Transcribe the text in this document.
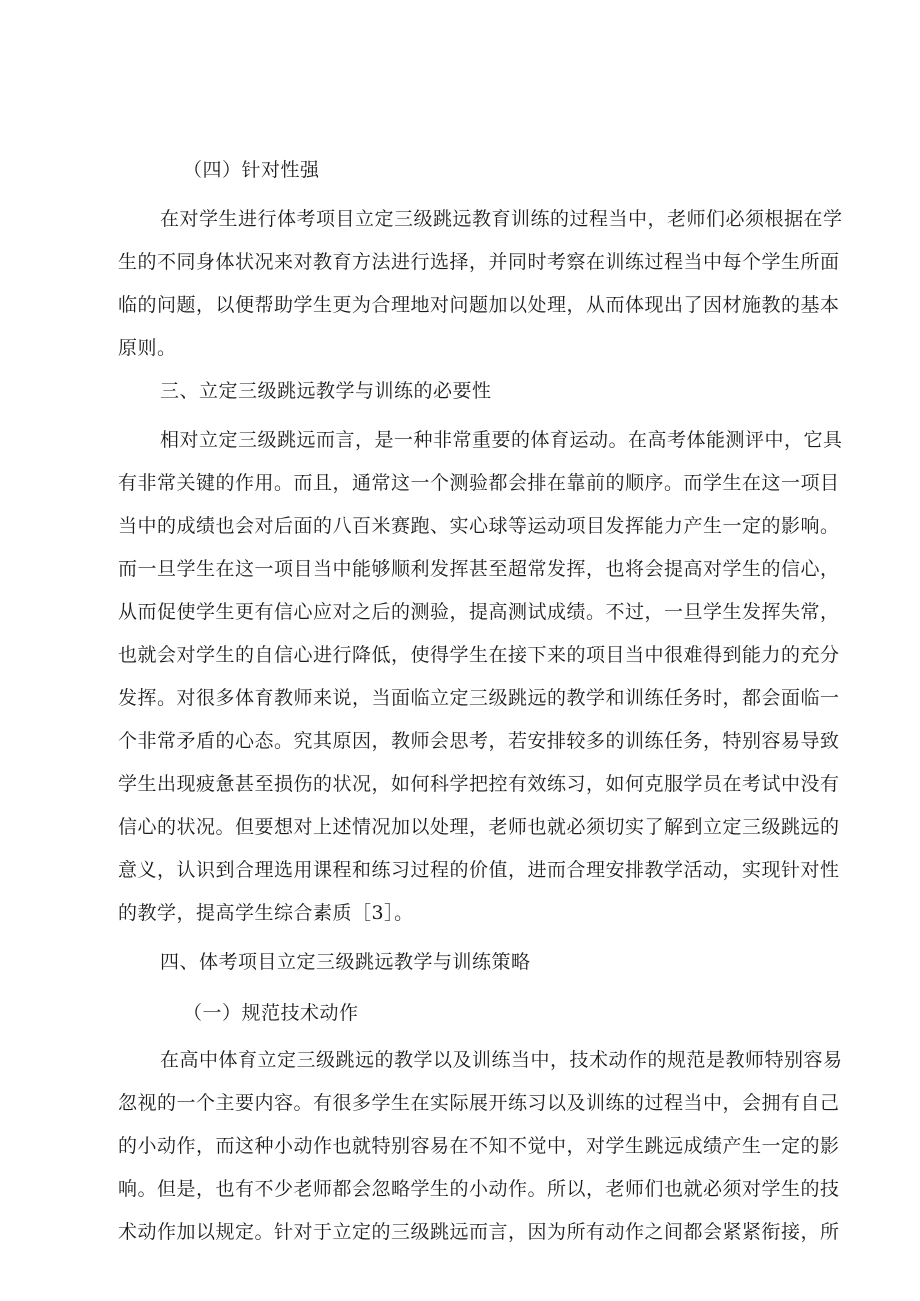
（四）针对性强
在对学生进行体考项目立定三级跳远教育训练的过程当中，老师们必须根据在学
生的不同身体状况来对教育方法进行选择，并同时考察在训练过程当中每个学生所面
临的问题，以便帮助学生更为合理地对问题加以处理，从而体现出了因材施教的基本
原则。
三、立定三级跳远教学与训练的必要性
相对立定三级跳远而言，是一种非常重要的体育运动。在高考体能测评中，它具
有非常关键的作用。而且，通常这一个测验都会排在靠前的顺序。而学生在这一项目
当中的成绩也会对后面的八百米赛跑、实心球等运动项目发挥能力产生一定的影响。
而一旦学生在这一项目当中能够顺利发挥甚至超常发挥，也将会提高对学生的信心，
从而促使学生更有信心应对之后的测验，提高测试成绩。不过，一旦学生发挥失常，
也就会对学生的自信心进行降低，使得学生在接下来的项目当中很难得到能力的充分
发挥。对很多体育教师来说，当面临立定三级跳远的教学和训练任务时，都会面临一
个非常矛盾的心态。究其原因，教师会思考，若安排较多的训练任务，特别容易导致
学生出现疲惫甚至损伤的状况，如何科学把控有效练习，如何克服学员在考试中没有
信心的状况。但要想对上述情况加以处理，老师也就必须切实了解到立定三级跳远的
意义，认识到合理选用课程和练习过程的价值，进而合理安排教学活动，实现针对性
的教学，提高学生综合素质［3］。
四、体考项目立定三级跳远教学与训练策略
（一）规范技术动作
在高中体育立定三级跳远的教学以及训练当中，技术动作的规范是教师特别容易
忽视的一个主要内容。有很多学生在实际展开练习以及训练的过程当中，会拥有自己
的小动作，而这种小动作也就特别容易在不知不觉中，对学生跳远成绩产生一定的影
响。但是，也有不少老师都会忽略学生的小动作。所以，老师们也就必须对学生的技
术动作加以规定。针对于立定的三级跳远而言，因为所有动作之间都会紧紧衔接，所
